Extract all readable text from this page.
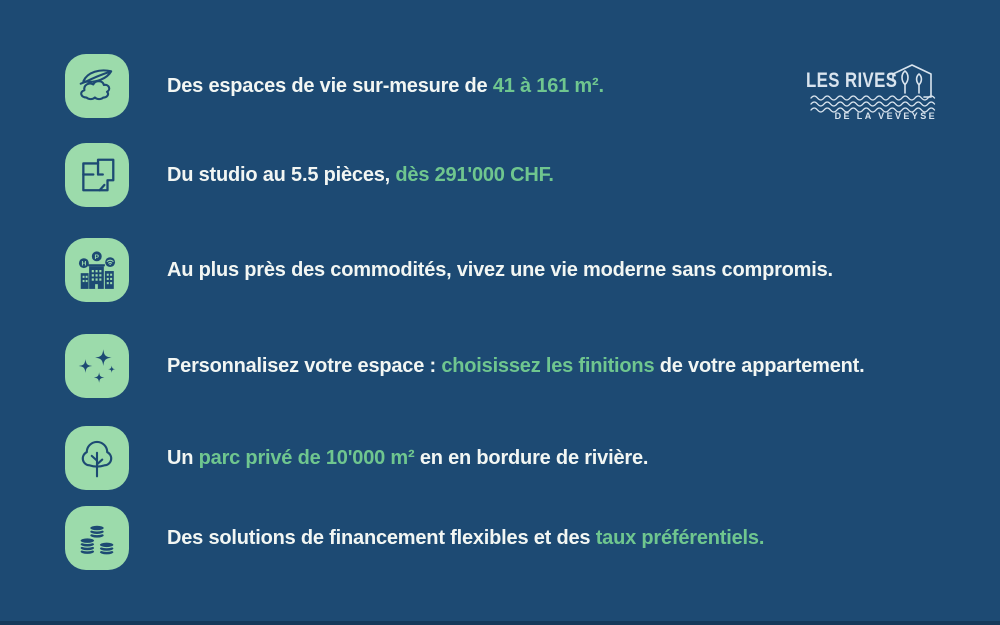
Des espaces de vie sur-mesure de 41 à 161 m².
Du studio au 5.5 pièces, dès 291'000 CHF.
H
P
Au plus près des commodités, vivez une vie moderne sans compromis.
Personnalisez votre espace : choisissez les finitions de votre appartement.
Un parc privé de 10'000 m² en en bordure de rivière.
Des solutions de financement flexibles et des taux préférentiels.
LES RIVES
DE LA VEVEYSE
